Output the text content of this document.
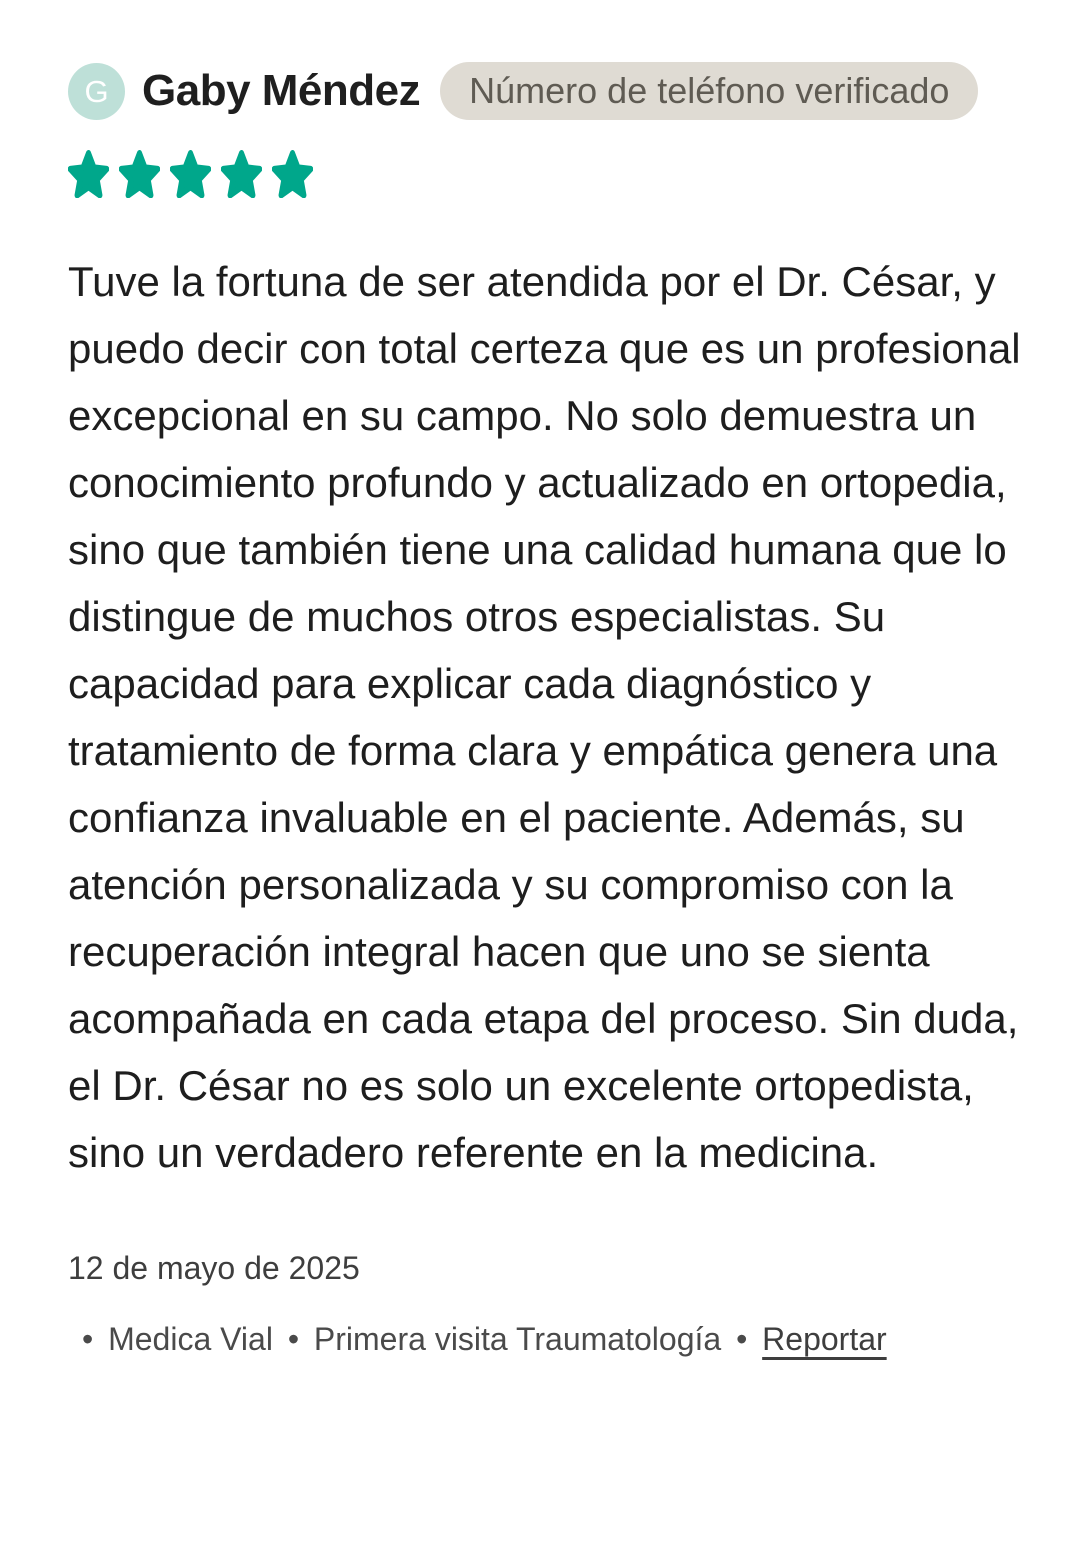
G Gaby Méndez	Número de teléfono verificado

Tuve la fortuna de ser atendida por el Dr. César, y puedo decir con total certeza que es un profesional excepcional en su campo. No solo demuestra un conocimiento profundo y actualizado en ortopedia, sino que también tiene una calidad humana que lo distingue de muchos otros especialistas. Su capacidad para explicar cada diagnóstico y tratamiento de forma clara y empática genera una confianza invaluable en el paciente. Además, su atención personalizada y su compromiso con la recuperación integral hacen que uno se sienta acompañada en cada etapa del proceso. Sin duda, el Dr. César no es solo un excelente ortopedista, sino un verdadero referente en la medicina.

12 de mayo de 2025
• Medica Vial • Primera visita Traumatología • Reportar
